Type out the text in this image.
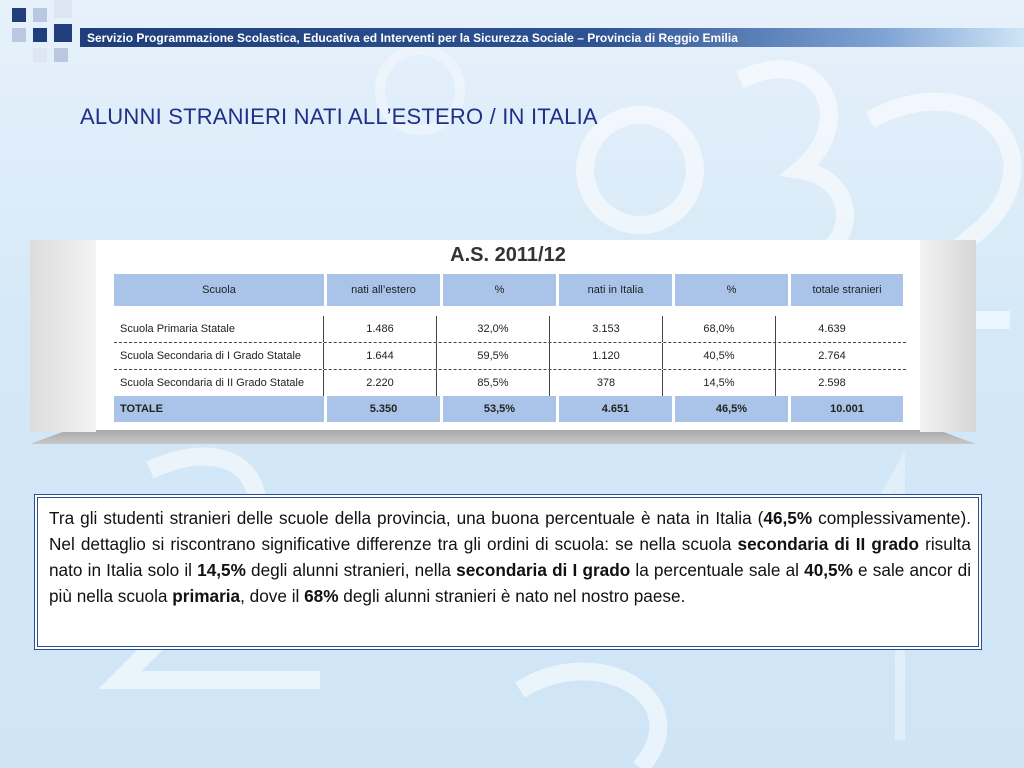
Servizio Programmazione Scolastica, Educativa ed Interventi per la Sicurezza Sociale – Provincia di Reggio Emilia
ALUNNI STRANIERI NATI ALL’ESTERO / IN ITALIA
A.S. 2011/12
Scuola	nati all’estero	%	nati in Italia	%	totale stranieri
Scuola Primaria Statale	1.486	32,0%	3.153	68,0%	4.639
Scuola Secondaria di I Grado Statale	1.644	59,5%	1.120	40,5%	2.764
Scuola Secondaria di II Grado Statale	2.220	85,5%	378	14,5%	2.598
TOTALE	5.350	53,5%	4.651	46,5%	10.001

Tra gli studenti stranieri delle scuole della provincia, una buona percentuale è nata in Italia (46,5% complessivamente). Nel dettaglio si riscontrano significative differenze tra gli ordini di scuola: se nella scuola secondaria di II grado risulta nato in Italia solo il 14,5% degli alunni stranieri, nella secondaria di I grado la percentuale sale al 40,5% e sale ancor di più nella scuola primaria, dove il 68% degli alunni stranieri è nato nel nostro paese.
